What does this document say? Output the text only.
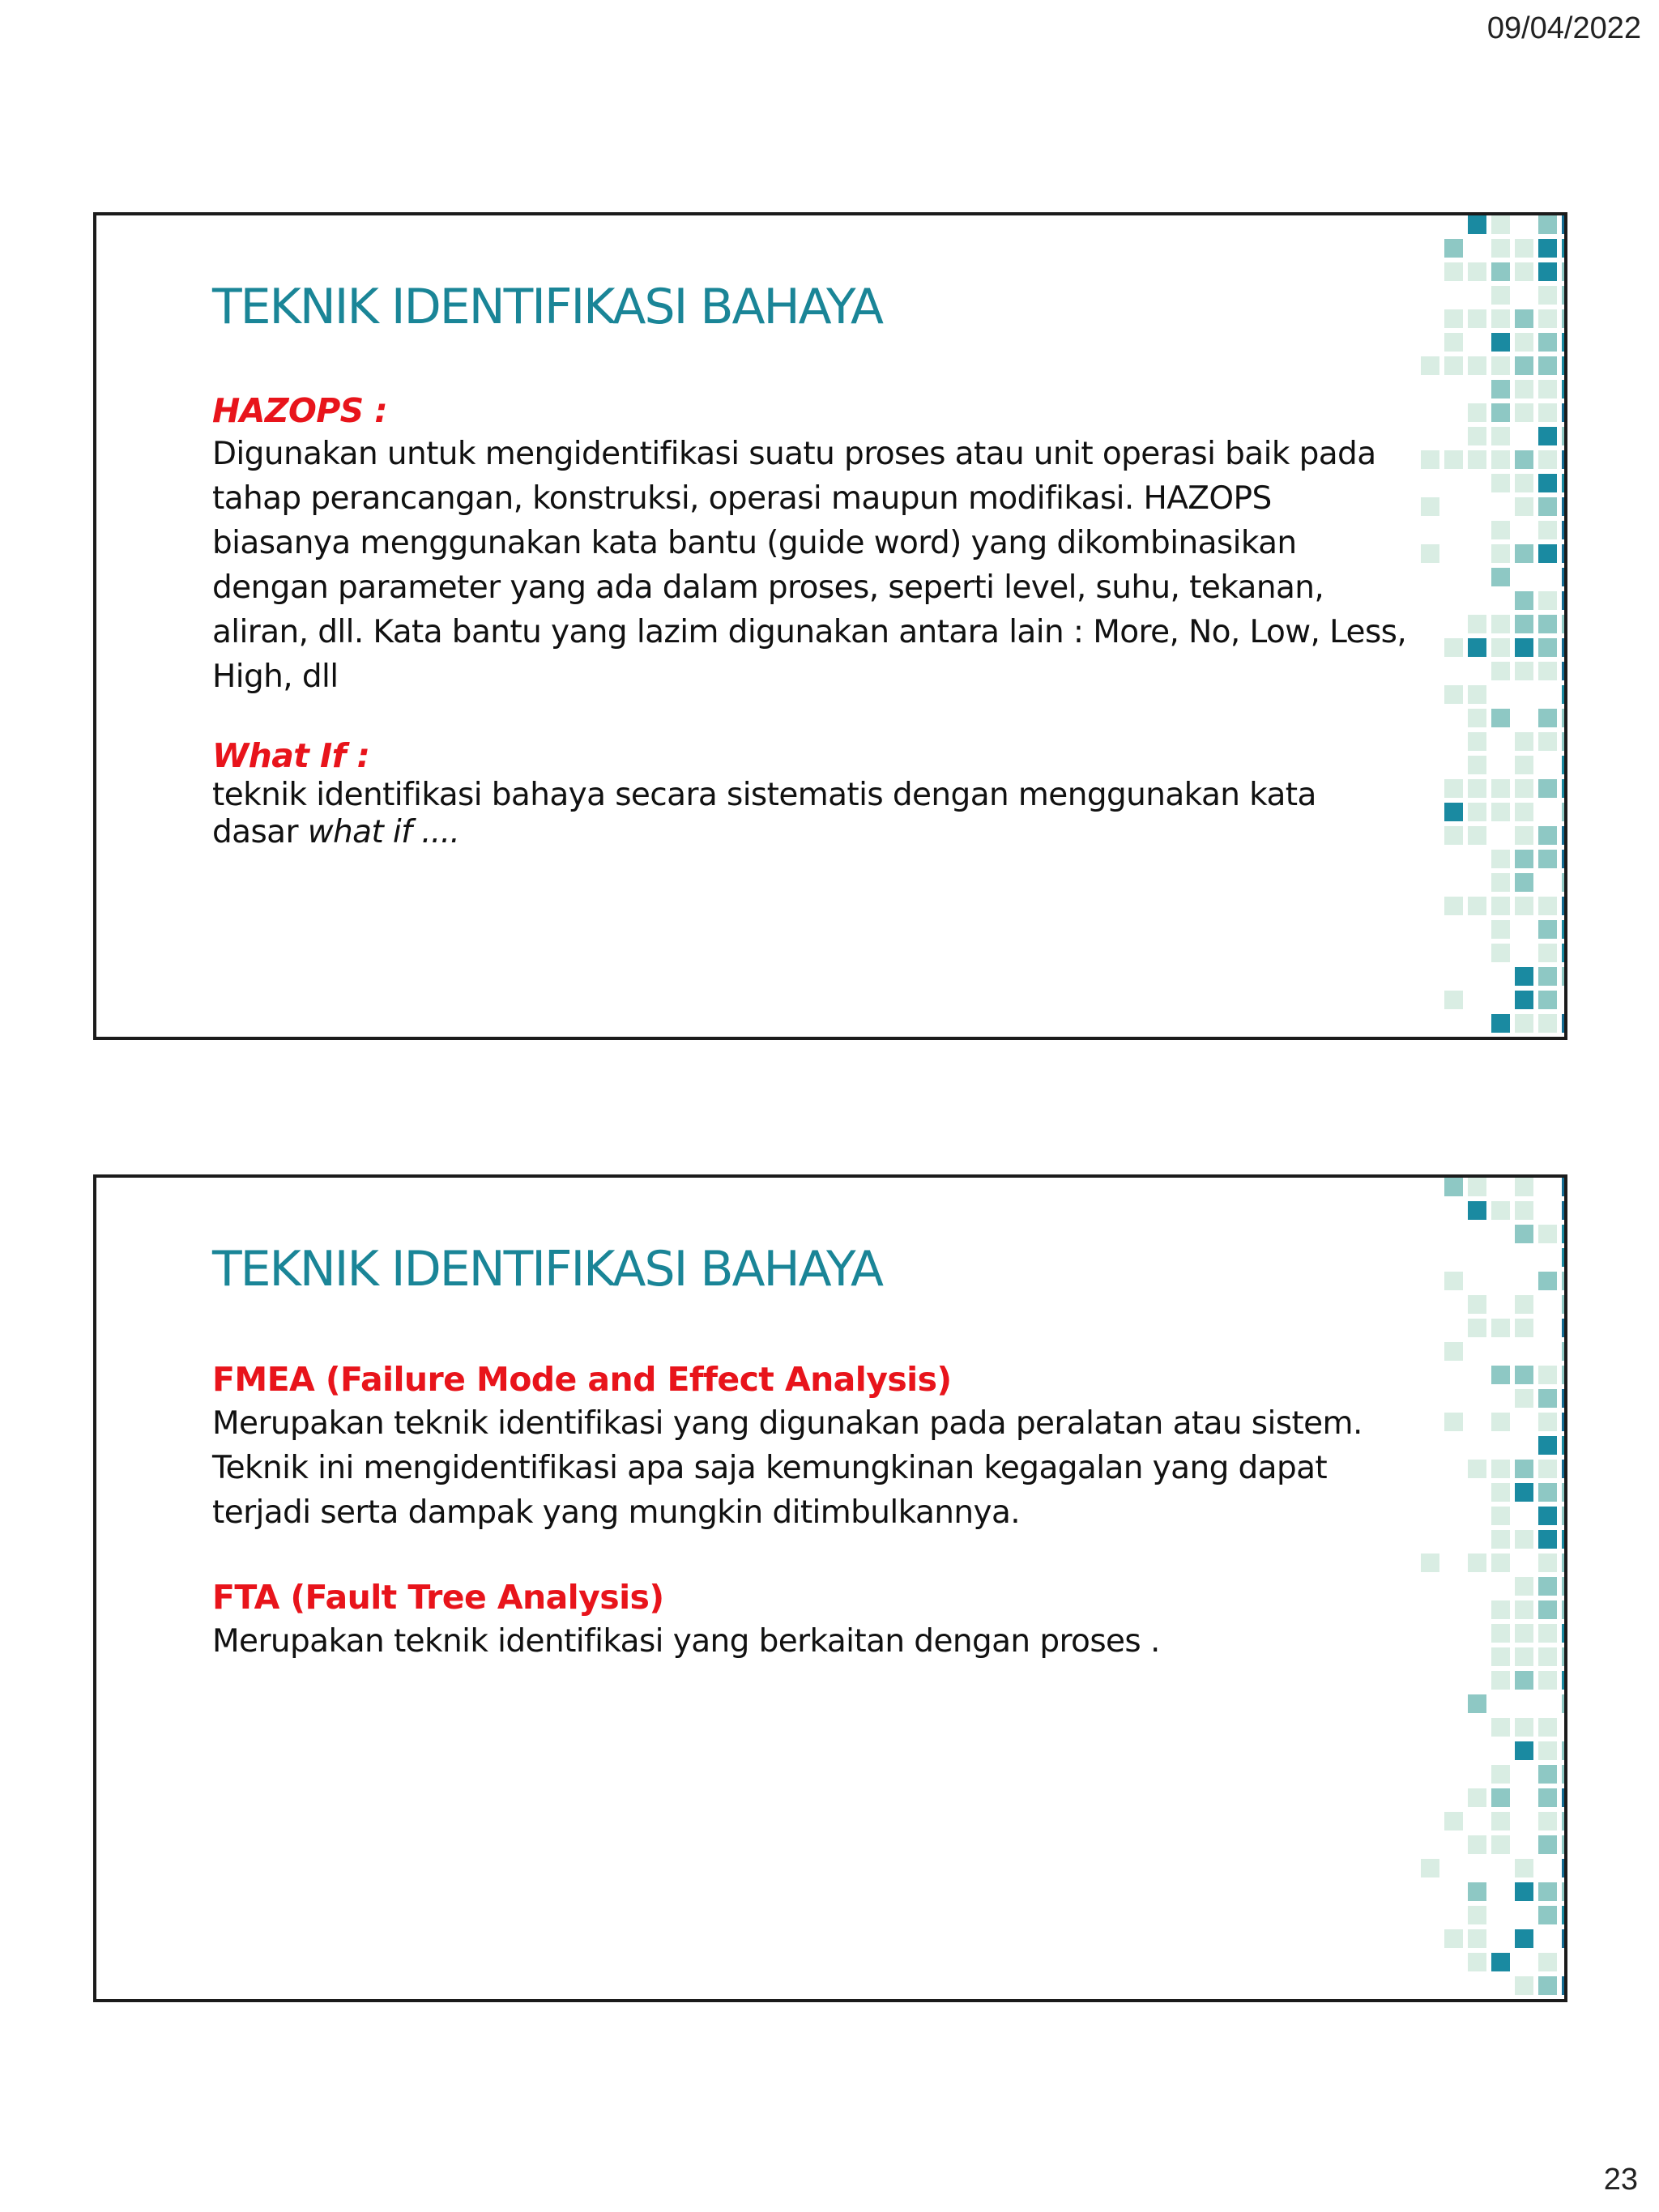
09/04/2022
TEKNIK IDENTIFIKASI BAHAYA
HAZOPS :

Digunakan untuk mengidentifikasi suatu proses atau unit operasi baik pada
tahap perancangan, konstruksi, operasi maupun modifikasi. HAZOPS
biasanya menggunakan kata bantu (guide word) yang dikombinasikan
dengan parameter yang ada dalam proses, seperti level, suhu, tekanan,
aliran, dll. Kata bantu yang lazim digunakan antara lain : More, No, Low, Less,
High, dll

What If :

teknik identifikasi bahaya secara sistematis dengan menggunakan kata
dasar what if ....

TEKNIK IDENTIFIKASI BAHAYA
FMEA (Failure Mode and Effect Analysis)

Merupakan teknik identifikasi yang digunakan pada peralatan atau sistem.
Teknik ini mengidentifikasi apa saja kemungkinan kegagalan yang dapat
terjadi serta dampak yang mungkin ditimbulkannya.

FTA (Fault Tree Analysis)

Merupakan teknik identifikasi yang berkaitan dengan proses .

23
